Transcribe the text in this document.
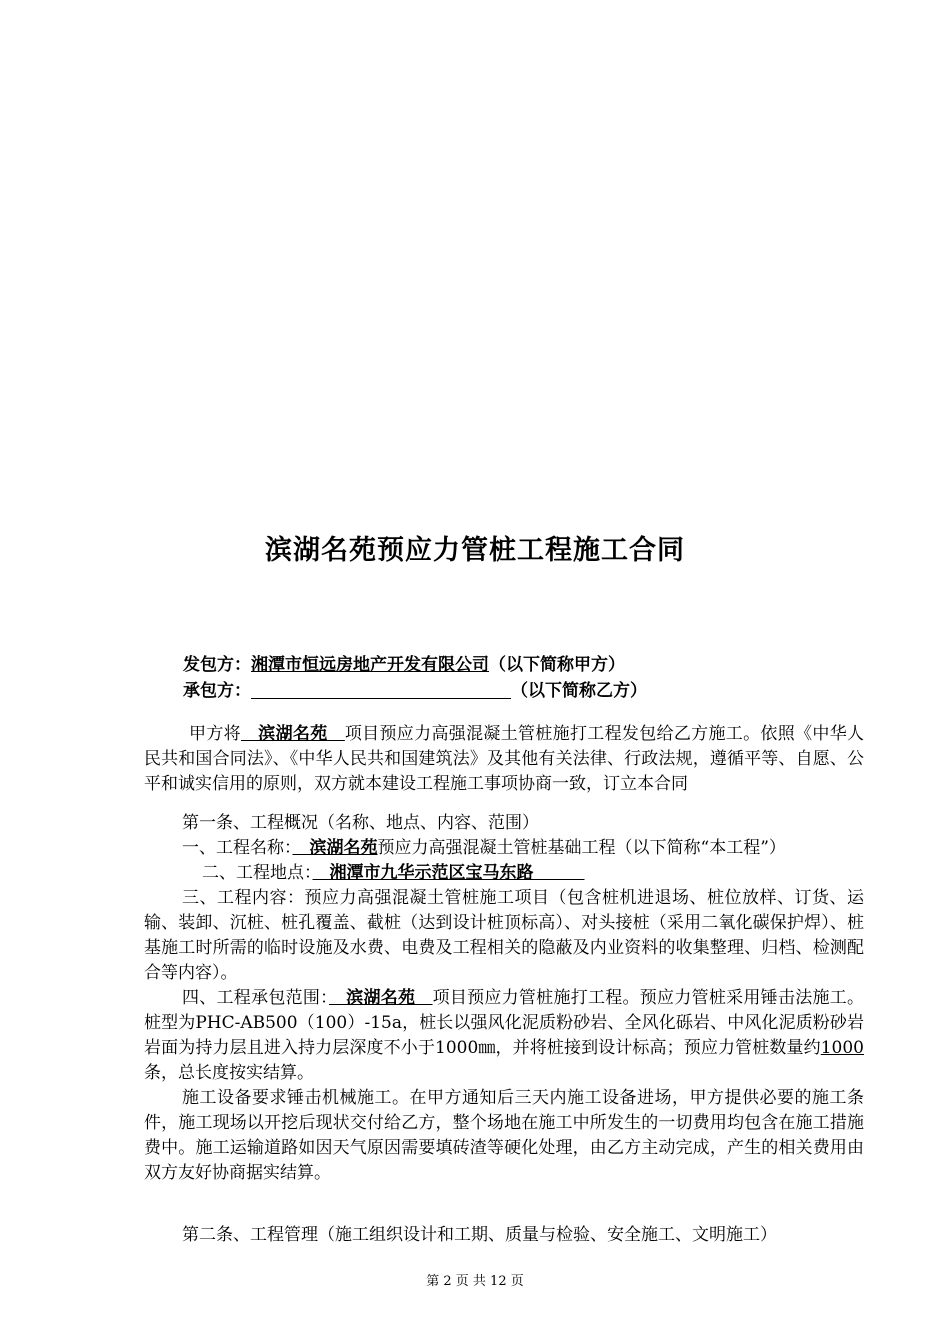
滨湖名苑预应力管桩工程施工合同
发包方：湘潭市恒远房地产开发有限公司（以下简称甲方）
承包方：	（以下简称乙方）

甲方将　滨湖名苑　项目预应力高强混凝土管桩施打工程发包给乙方施工。依照《中华人民共和国合同法》、《中华人民共和国建筑法》及其他有关法律、行政法规，遵循平等、自愿、公平和诚实信用的原则，双方就本建设工程施工事项协商一致，订立本合同

第一条、工程概况（名称、地点、内容、范围）

一、工程名称：　滨湖名苑预应力高强混凝土管桩基础工程（以下简称“本工程”）

二、工程地点：　湘潭市九华示范区宝马东路　　　

三、工程内容：预应力高强混凝土管桩施工项目（包含桩机进退场、桩位放样、订货、运输、装卸、沉桩、桩孔覆盖、截桩（达到设计桩顶标高）、对头接桩（采用二氧化碳保护焊）、桩基施工时所需的临时设施及水费、电费及工程相关的隐蔽及内业资料的收集整理、归档、检测配合等内容）。

四、工程承包范围：　滨湖名苑　项目预应力管桩施打工程。预应力管桩采用锤击法施工。桩型为PHC-AB500（100）-15a，桩长以强风化泥质粉砂岩、全风化砾岩、中风化泥质粉砂岩岩面为持力层且进入持力层深度不小于1000㎜，并将桩接到设计标高；预应力管桩数量约1000条，总长度按实结算。

施工设备要求锤击机械施工。在甲方通知后三天内施工设备进场，甲方提供必要的施工条件，施工现场以开挖后现状交付给乙方，整个场地在施工中所发生的一切费用均包含在施工措施费中。施工运输道路如因天气原因需要填砖渣等硬化处理，由乙方主动完成，产生的相关费用由双方友好协商据实结算。

第二条、工程管理（施工组织设计和工期、质量与检验、安全施工、文明施工）

第 2 页 共 12 页
